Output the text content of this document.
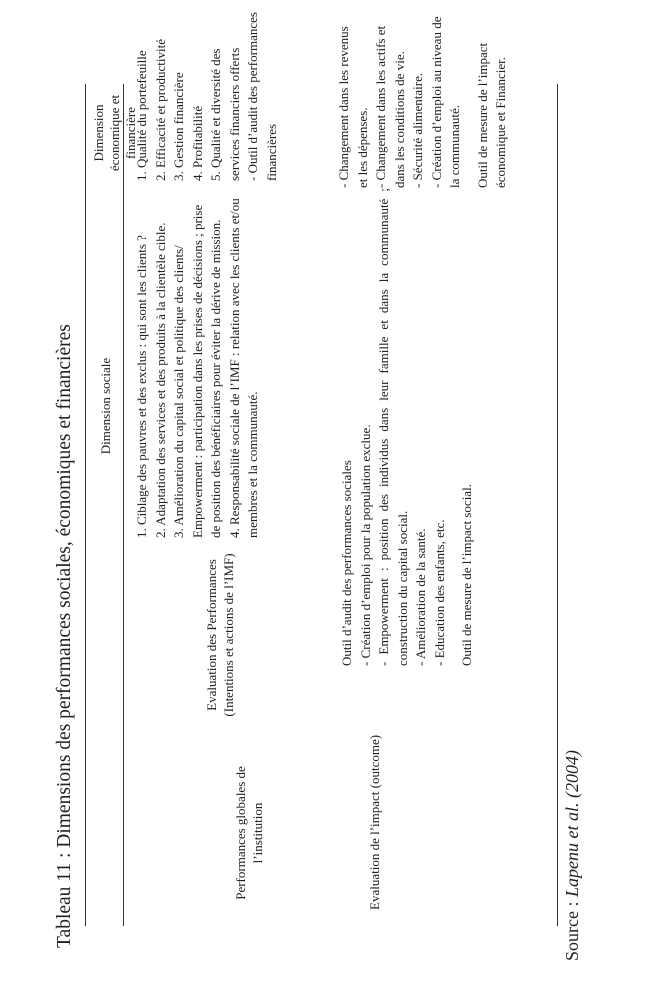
Tableau 11 : Dimensions des performances sociales, économiques et financières Dimension sociale
Dimension économique et financière
Performances globales de l’institution
Evaluation des Performances (Intentions et actions de l’IMF)
1. Ciblage des pauvres et des exclus : qui sont les clients ? 2. Adaptation des services et des produits à la clientèle cible. 3. Amélioration du capital social et politique des clients/ Empowerment : participation dans les prises de décisions ; prise de position des bénéficiaires pour éviter la dérive de mission. 4. Responsabilité sociale de l’IMF : relation avec les clients et/ou membres et la communauté.
1. Qualité du portefeuille 2. Efficacité et productivité 3. Gestion financière 4. Profitabilité 5. Qualité et diversité des services financiers offerts - Outil d’audit des performances financières
Evaluation de l’impact (outcome)
Outil d’audit des performances sociales - Création d’emploi pour la population exclue. - Empowerment : position des individus dans leur famille et dans la communauté ; construction du capital social. - Amélioration de la santé. - Education des enfants, etc. Outil de mesure de l’impact social.
- Changement dans les revenus et les dépenses. - Changement dans les actifs et dans les conditions de vie. - Sécurité alimentaire. - Création d’emploi au niveau de la communauté. Outil de mesure de l’impact économique et Financier.
Source : Lapenu et al. (2004)
